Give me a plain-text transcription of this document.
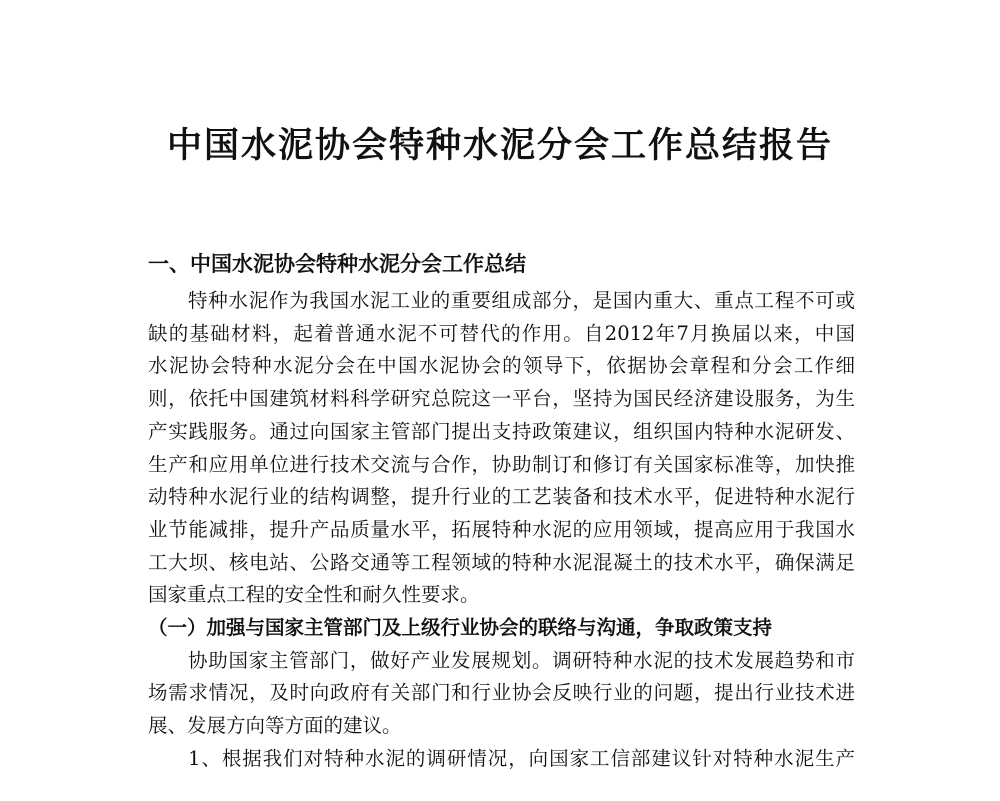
中国水泥协会特种水泥分会工作总结报告
一、中国水泥协会特种水泥分会工作总结
特种水泥作为我国水泥工业的重要组成部分，是国内重大、重点工程不可或
缺的基础材料，起着普通水泥不可替代的作用。自2012年7月换届以来，中国
水泥协会特种水泥分会在中国水泥协会的领导下，依据协会章程和分会工作细
则，依托中国建筑材料科学研究总院这一平台，坚持为国民经济建设服务，为生
产实践服务。通过向国家主管部门提出支持政策建议，组织国内特种水泥研发、
生产和应用单位进行技术交流与合作，协助制订和修订有关国家标准等，加快推
动特种水泥行业的结构调整，提升行业的工艺装备和技术水平，促进特种水泥行
业节能减排，提升产品质量水平，拓展特种水泥的应用领域，提高应用于我国水
工大坝、核电站、公路交通等工程领域的特种水泥混凝土的技术水平，确保满足
国家重点工程的安全性和耐久性要求。
（一）加强与国家主管部门及上级行业协会的联络与沟通，争取政策支持
协助国家主管部门，做好产业发展规划。调研特种水泥的技术发展趋势和市
场需求情况，及时向政府有关部门和行业协会反映行业的问题，提出行业技术进
展、发展方向等方面的建议。
1、根据我们对特种水泥的调研情况，向国家工信部建议针对特种水泥生产
